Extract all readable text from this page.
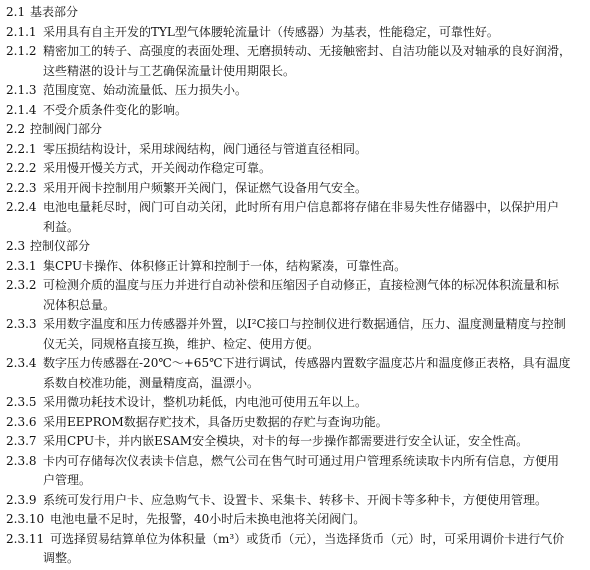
2.1 基表部分
2.1.1 采用具有自主开发的TYL型气体腰轮流量计（传感器）为基表，性能稳定，可靠性好。
2.1.2 精密加工的转子、高强度的表面处理、无磨损转动、无接触密封、自洁功能以及对轴承的良好润滑，
这些精湛的设计与工艺确保流量计使用期限长。
2.1.3 范围度宽、始动流量低、压力损失小。
2.1.4 不受介质条件变化的影响。
2.2 控制阀门部分
2.2.1 零压损结构设计，采用球阀结构，阀门通径与管道直径相同。
2.2.2 采用慢开慢关方式，开关阀动作稳定可靠。
2.2.3 采用开阀卡控制用户频繁开关阀门，保证燃气设备用气安全。
2.2.4 电池电量耗尽时，阀门可自动关闭，此时所有用户信息都将存储在非易失性存储器中，以保护用户
利益。
2.3 控制仪部分
2.3.1 集CPU卡操作、体积修正计算和控制于一体，结构紧凑，可靠性高。
2.3.2 可检测介质的温度与压力并进行自动补偿和压缩因子自动修正，直接检测气体的标况体积流量和标
况体积总量。
2.3.3 采用数字温度和压力传感器并外置，以I²C接口与控制仪进行数据通信，压力、温度测量精度与控制
仪无关，同规格直接互换，维护、检定、使用方便。
2.3.4 数字压力传感器在-20℃～+65℃下进行调试，传感器内置数字温度芯片和温度修正表格，具有温度
系数自校准功能，测量精度高，温漂小。
2.3.5 采用微功耗技术设计，整机功耗低，内电池可使用五年以上。
2.3.6 采用EEPROM数据存贮技术，具备历史数据的存贮与查询功能。
2.3.7 采用CPU卡，并内嵌ESAM安全模块，对卡的每一步操作都需要进行安全认证，安全性高。
2.3.8 卡内可存储每次仪表读卡信息，燃气公司在售气时可通过用户管理系统读取卡内所有信息，方便用
户管理。
2.3.9 系统可发行用户卡、应急购气卡、设置卡、采集卡、转移卡、开阀卡等多种卡，方便使用管理。
2.3.10 电池电量不足时，先报警，40小时后未换电池将关闭阀门。
2.3.11 可选择贸易结算单位为体积量（m³）或货币（元），当选择货币（元）时，可采用调价卡进行气价
调整。
